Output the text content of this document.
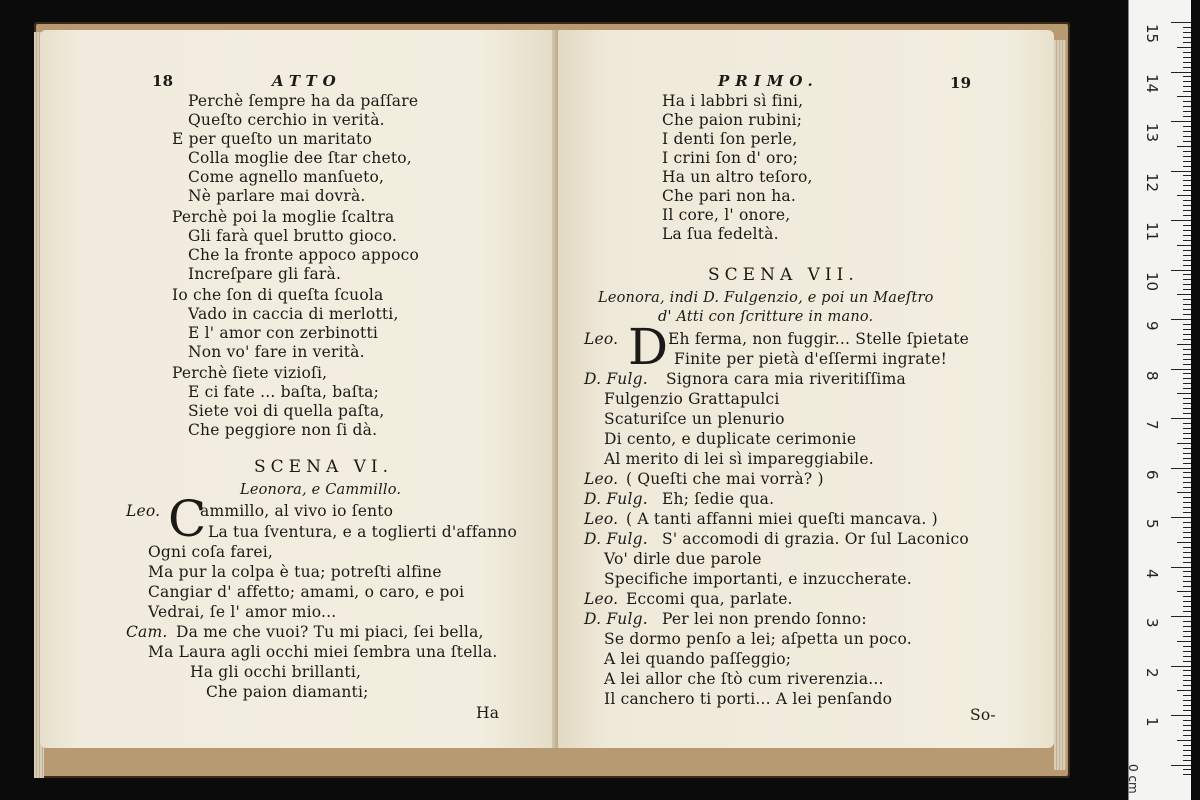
18	ATTO
Perchè ſempre ha da paſſare
Queſto cerchio in verità.
E per queſto un maritato
Colla moglie dee ſtar cheto,
Come agnello manſueto,
Nè parlare mai dovrà.
Perchè poi la moglie ſcaltra
Gli farà quel brutto gioco.
Che la fronte appoco appoco
Increſpare gli farà.
Io che ſon di queſta ſcuola
Vado in caccia di merlotti,
E l' amor con zerbinotti
Non vo' fare in verità.
Perchè ſiete vizioſi,
E ci fate ... baſta, baſta;
Siete voi di quella paſta,
Che peggiore non ſi dà.
SCENA VI.
Leonora, e Cammillo.
Leo. C
ammillo, al vivo io ſento
La tua ſventura, e a toglierti d'affanno
Ogni coſa farei,
Ma pur la colpa è tua; potreſti alfine
Cangiar d' affetto; amami, o caro, e poi
Vedrai, ſe l' amor mio...
Cam. Da me che vuoi? Tu mi piaci, ſei bella,
Ma Laura agli occhi miei ſembra una ſtella.
Ha gli occhi brillanti,
Che paion diamanti;
Ha
PRIMO.	19
Ha i labbri sì fini,
Che paion rubini;
I denti ſon perle,
I crini ſon d' oro;
Ha un altro teſoro,
Che pari non ha.
Il core, l' onore,
La ſua fedeltà.
SCENA VII.
Leonora, indi D. Fulgenzio, e poi un Maeſtro
d' Atti con ſcritture in mano.
Leo. D Eh ferma, non fuggir... Stelle ſpietate
Finite per pietà d'eſſermi ingrate!
D. Fulg. Signora cara mia riveritiſſima
Fulgenzio Grattapulci
Scaturiſce un plenurio
Di cento, e duplicate cerimonie
Al merito di lei sì impareggiabile.
Leo. ( Queſti che mai vorrà? )
D. Fulg. Eh; ſedie qua.
Leo. ( A tanti affanni miei queſti mancava. )
D. Fulg. S' accomodi di grazia. Or ſul Laconico
Vo' dirle due parole
Specifiche importanti, e inzuccherate.
Leo. Eccomi qua, parlate.
D. Fulg. Per lei non prendo ſonno:
Se dormo penſo a lei; aſpetta un poco.
A lei quando paſſeggio;
A lei allor che ſtò cum riverenzia...
Il canchero ti porti... A lei penſando
So-
15
14
13
12
11
10
9
8
7
6
5
4
3
2
1
0 cm
